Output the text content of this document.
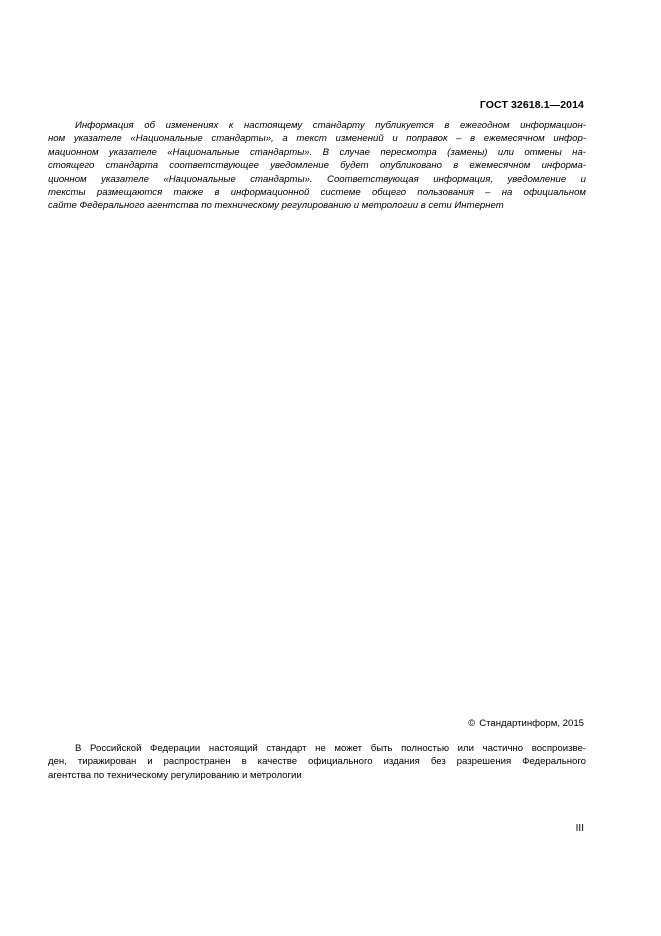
ГОСТ 32618.1—2014
Информация об изменениях к настоящему стандарту публикуется в ежегодном информацион-
ном указателе «Национальные стандарты», а текст изменений и поправок – в ежемесячном инфор-
мационном указателе «Национальные стандарты». В случае пересмотра (замены) или отмены на-
стоящего стандарта соответствующее уведомление будет опубликовано в ежемесячном информа-
ционном указателе «Национальные стандарты». Соответствующая информация, уведомление и
тексты размещаются также в информационной системе общего пользования – на официальном
сайте Федерального агентства по техническому регулированию и метрологии в сети Интернет
© Стандартинформ, 2015
В Российской Федерации настоящий стандарт не может быть полностью или частично воспроизве-
ден, тиражирован и распространен в качестве официального издания без разрешения Федерального
агентства по техническому регулированию и метрологии
III
